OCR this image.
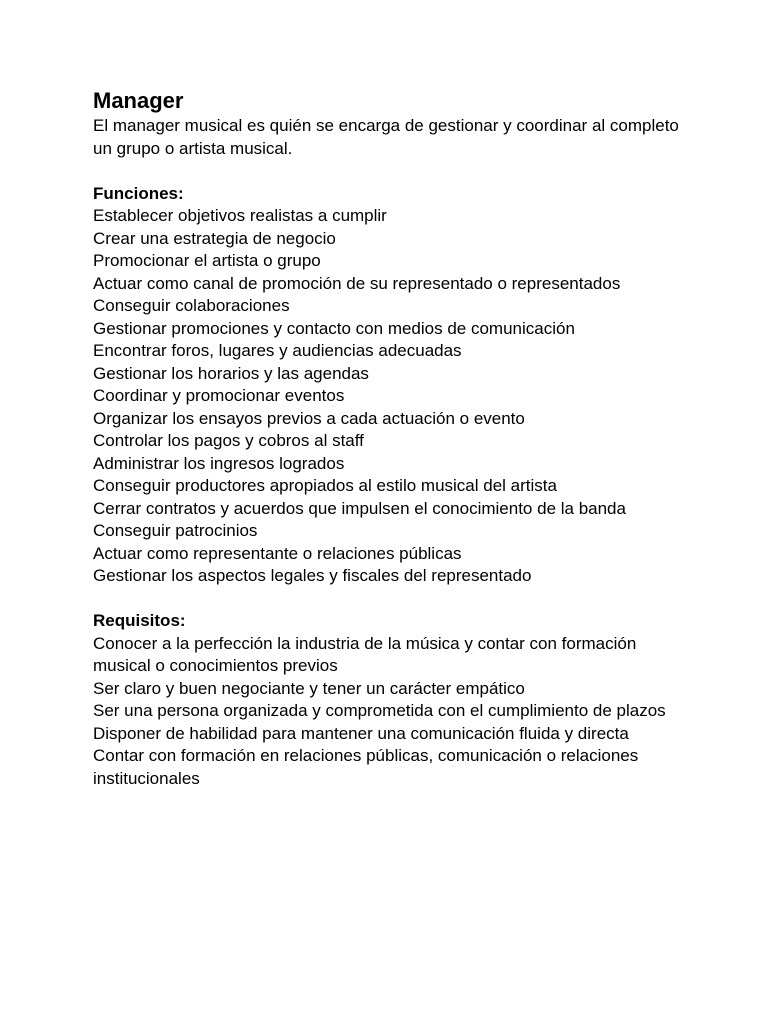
Manager

El manager musical es quién se encarga de gestionar y coordinar al completo un grupo o artista musical.

Funciones:

Establecer objetivos realistas a cumplir
Crear una estrategia de negocio
Promocionar el artista o grupo
Actuar como canal de promoción de su representado o representados
Conseguir colaboraciones
Gestionar promociones y contacto con medios de comunicación
Encontrar foros, lugares y audiencias adecuadas
Gestionar los horarios y las agendas
Coordinar y promocionar eventos
Organizar los ensayos previos a cada actuación o evento
Controlar los pagos y cobros al staff
Administrar los ingresos logrados
Conseguir productores apropiados al estilo musical del artista
Cerrar contratos y acuerdos que impulsen el conocimiento de la banda
Conseguir patrocinios
Actuar como representante o relaciones públicas
Gestionar los aspectos legales y fiscales del representado

Requisitos:

Conocer a la perfección la industria de la música y contar con formación musical o conocimientos previos
Ser claro y buen negociante y tener un carácter empático
Ser una persona organizada y comprometida con el cumplimiento de plazos
Disponer de habilidad para mantener una comunicación fluida y directa
Contar con formación en relaciones públicas, comunicación o relaciones institucionales
